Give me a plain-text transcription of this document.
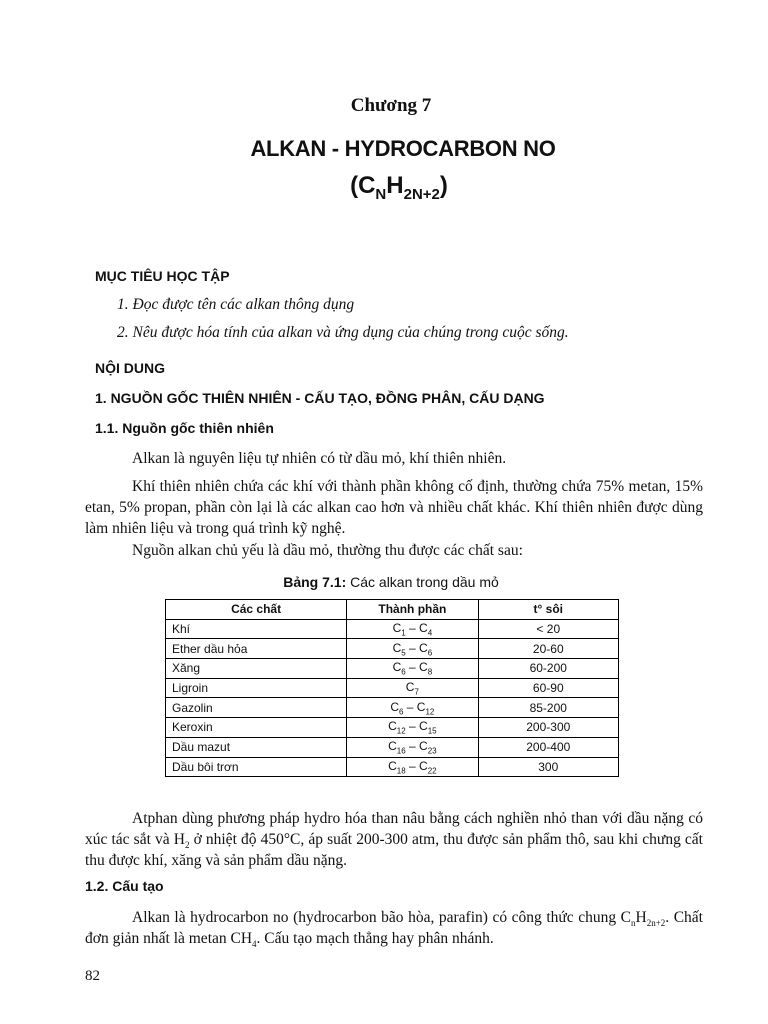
Chương 7
ALKAN - HYDROCARBON NO
$(C_NH_{2N+2})$
MỤC TIÊU HỌC TẬP
1. Đọc được tên các alkan thông dụng
2. Nêu được hóa tính của alkan và ứng dụng của chúng trong cuộc sống.
NỘI DUNG
1. NGUỒN GỐC THIÊN NHIÊN - CẤU TẠO, ĐỒNG PHÂN, CẤU DẠNG
1.1. Nguồn gốc thiên nhiên
Alkan là nguyên liệu tự nhiên có từ dầu mỏ, khí thiên nhiên.
Khí thiên nhiên chứa các khí với thành phần không cố định, thường chứa 75% metan, 15% etan, 5% propan, phần còn lại là các alkan cao hơn và nhiều chất khác. Khí thiên nhiên được dùng làm nhiên liệu và trong quá trình kỹ nghệ.
Nguồn alkan chủ yếu là dầu mỏ, thường thu được các chất sau:
Bảng 7.1: Các alkan trong dầu mỏ
Các chất	Thành phần	t° sôi
Khí	$C_1 - C_4$	< 20
Ether dầu hỏa	$C_5 - C_6$	20-60
Xăng	$C_6 - C_8$	60-200
Ligroin	$C_7$	60-90
Gazolin	$C_6 - C_{12}$	85-200
Keroxin	$C_{12} - C_{15}$	200-300
Dầu mazut	$C_{16} - C_{23}$	200-400
Dầu bôi trơn	$C_{18} - C_{22}$	300
Atphan dùng phương pháp hydro hóa than nâu bằng cách nghiền nhỏ than với dầu nặng có xúc tác sắt và $H_2$ ở nhiệt độ 450°C, áp suất 200-300 atm, thu được sản phẩm thô, sau khi chưng cất thu được khí, xăng và sản phẩm dầu nặng.
1.2. Cấu tạo
Alkan là hydrocarbon no (hydrocarbon bão hòa, parafin) có công thức chung $C_nH_{2n+2}$. Chất đơn giản nhất là metan $CH_4$. Cấu tạo mạch thẳng hay phân nhánh.
82
